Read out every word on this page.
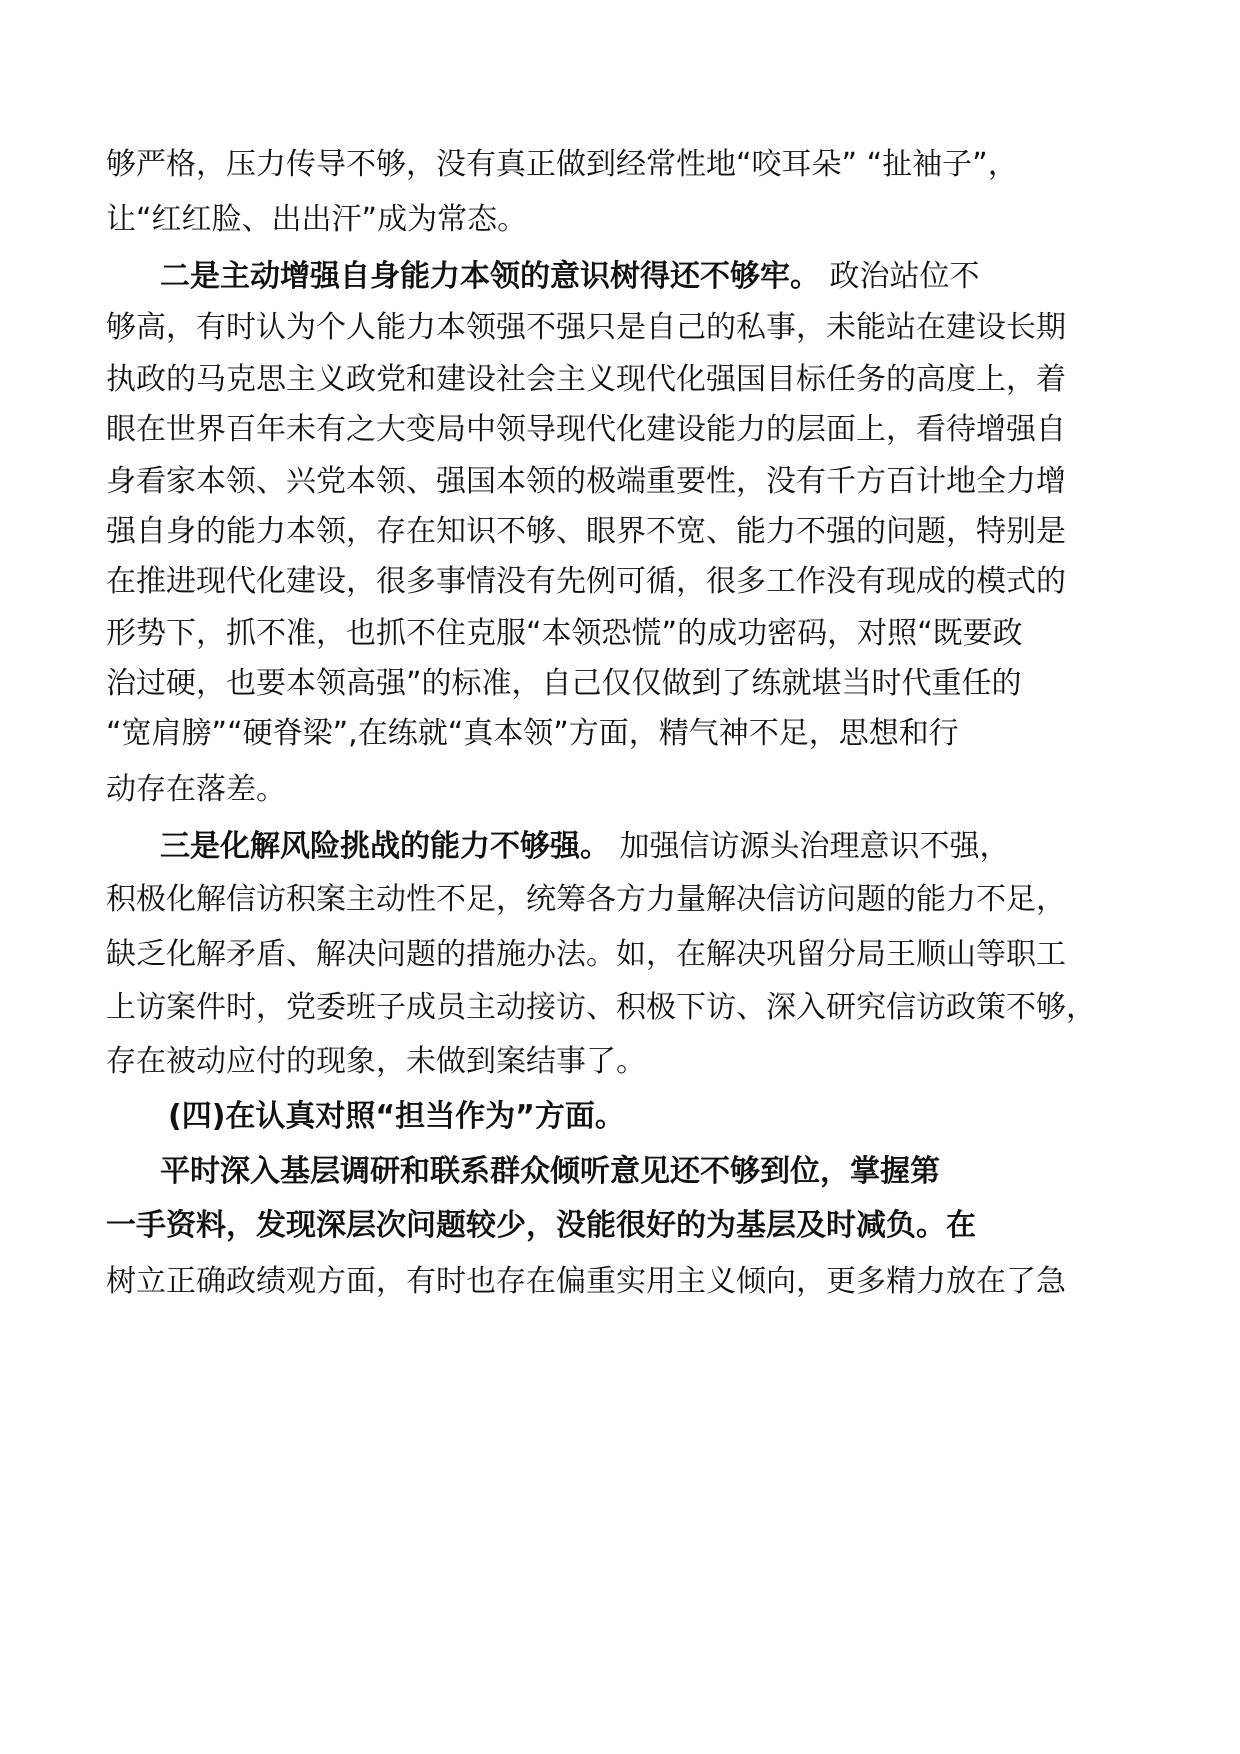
够严格，压力传导不够，没有真正做到经常性地“咬耳朵” “扯袖子”，
让“红红脸、出出汗”成为常态。
二是主动增强自身能力本领的意识树得还不够牢。 政治站位不
够高，有时认为个人能力本领强不强只是自己的私事，未能站在建设长期
执政的马克思主义政党和建设社会主义现代化强国目标任务的高度上，着
眼在世界百年未有之大变局中领导现代化建设能力的层面上，看待增强自
身看家本领、兴党本领、强国本领的极端重要性，没有千方百计地全力增
强自身的能力本领，存在知识不够、眼界不宽、能力不强的问题，特别是
在推进现代化建设，很多事情没有先例可循，很多工作没有现成的模式的
形势下，抓不准，也抓不住克服“本领恐慌”的成功密码，对照“既要政
治过硬，也要本领高强”的标准，自己仅仅做到了练就堪当时代重任的
“宽肩膀”“硬脊梁”,在练就“真本领”方面，精气神不足，思想和行
动存在落差。
三是化解风险挑战的能力不够强。 加强信访源头治理意识不强，
积极化解信访积案主动性不足，统筹各方力量解决信访问题的能力不足，
缺乏化解矛盾、解决问题的措施办法。如，在解决巩留分局王顺山等职工
上访案件时，党委班子成员主动接访、积极下访、深入研究信访政策不够，
存在被动应付的现象，未做到案结事了。
(四)在认真对照“担当作为”方面。
平时深入基层调研和联系群众倾听意见还不够到位，掌握第
一手资料，发现深层次问题较少，没能很好的为基层及时减负。在
树立正确政绩观方面，有时也存在偏重实用主义倾向，更多精力放在了急
